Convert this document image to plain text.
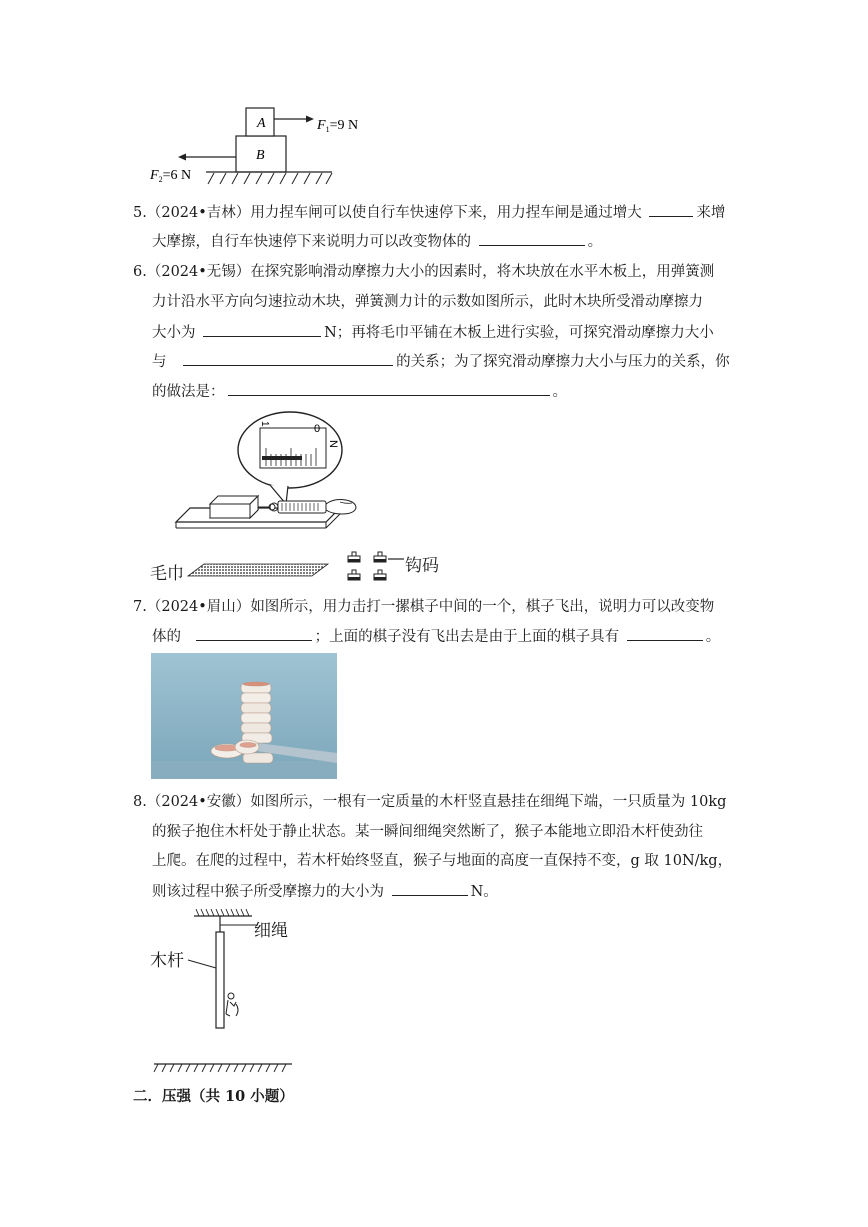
A
B
$F_1=9$ N
$F_2=6$ N
5.（2024•吉林）用力捏车闸可以使自行车快速停下来，用力捏车闸是通过增大	来增
大摩擦，自行车快速停下来说明力可以改变物体的	。
6.（2024•无锡）在探究影响滑动摩擦力大小的因素时，将木块放在水平木板上，用弹簧测
力计沿水平方向匀速拉动木块，弹簧测力计的示数如图所示，此时木块所受滑动摩擦力
大小为	N；再将毛巾平铺在木板上进行实验，可探究滑动摩擦力大小
与	的关系；为了探究滑动摩擦力大小与压力的关系，你
的做法是：	。
1	0
N
毛巾	钩码
7.（2024•眉山）如图所示，用力击打一摞棋子中间的一个，棋子飞出，说明力可以改变物
体的	；上面的棋子没有飞出去是由于上面的棋子具有	。
8.（2024•安徽）如图所示，一根有一定质量的木杆竖直悬挂在细绳下端，一只质量为 10kg
的猴子抱住木杆处于静止状态。某一瞬间细绳突然断了，猴子本能地立即沿木杆使劲往
上爬。在爬的过程中，若木杆始终竖直，猴子与地面的高度一直保持不变，g 取 10N/kg，
则该过程中猴子所受摩擦力的大小为	N。
细绳
木杆
二．压强（共 10 小题）
